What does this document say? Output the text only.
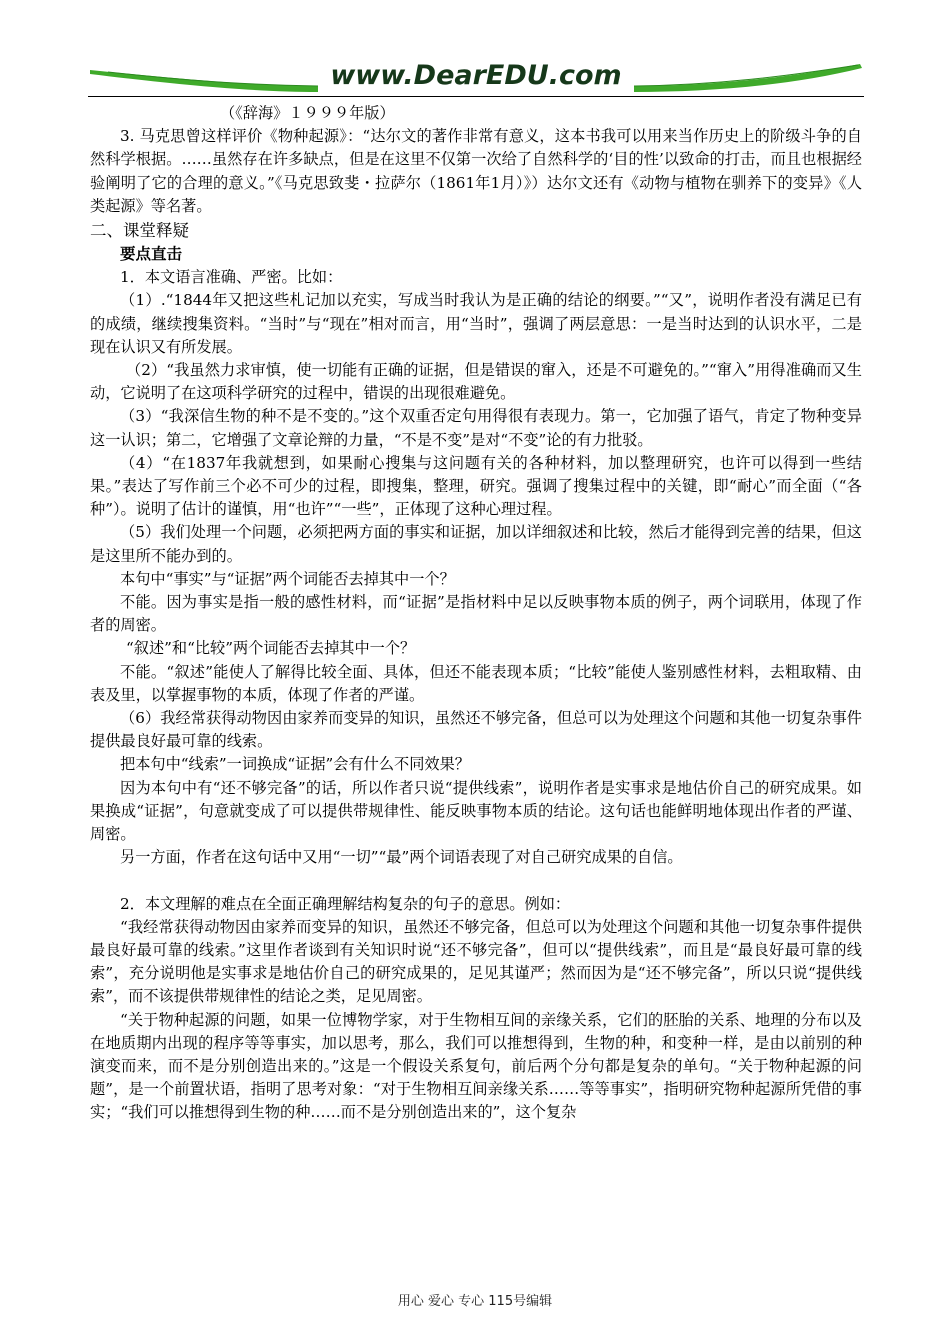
www.DearEDU.com

（《辞海》１９９９年版）

3. 马克思曾这样评价《物种起源》：“达尔文的著作非常有意义，这本书我可以用来当作历史上的阶级斗争的自然科学根据。……虽然存在许多缺点，但是在这里不仅第一次给了自然科学的‘目的性’以致命的打击，而且也根据经验阐明了它的合理的意义。”《马克思致斐・拉萨尔（1861年1月）》）达尔文还有《动物与植物在驯养下的变异》《人类起源》等名著。

二、课堂释疑

要点直击

1．本文语言准确、严密。比如：

（1）.“1844年又把这些札记加以充实，写成当时我认为是正确的结论的纲要。”“又”，说明作者没有满足已有的成绩，继续搜集资料。“当时”与“现在”相对而言，用“当时”，强调了两层意思：一是当时达到的认识水平，二是现在认识又有所发展。

（2）“我虽然力求审慎，使一切能有正确的证据，但是错误的窜入，还是不可避免的。”“窜入”用得准确而又生动，它说明了在这项科学研究的过程中，错误的出现很难避免。

（3）“我深信生物的种不是不变的。”这个双重否定句用得很有表现力。第一，它加强了语气，肯定了物种变异这一认识；第二，它增强了文章论辩的力量，“不是不变”是对“不变”论的有力批驳。

（4）“在1837年我就想到，如果耐心搜集与这问题有关的各种材料，加以整理研究，也许可以得到一些结果。”表达了写作前三个必不可少的过程，即搜集，整理，研究。强调了搜集过程中的关键，即“耐心”而全面（“各种”）。说明了估计的谨慎，用“也许”“一些”，正体现了这种心理过程。

（5）我们处理一个问题，必须把两方面的事实和证据，加以详细叙述和比较，然后才能得到完善的结果，但这是这里所不能办到的。

本句中“事实”与“证据”两个词能否去掉其中一个？

不能。因为事实是指一般的感性材料，而“证据”是指材料中足以反映事物本质的例子，两个词联用，体现了作者的周密。

“叙述”和“比较”两个词能否去掉其中一个？

不能。“叙述”能使人了解得比较全面、具体，但还不能表现本质；“比较”能使人鉴别感性材料，去粗取精、由表及里，以掌握事物的本质，体现了作者的严谨。

（6）我经常获得动物因由家养而变异的知识，虽然还不够完备，但总可以为处理这个问题和其他一切复杂事件提供最良好最可靠的线索。

把本句中“线索”一词换成“证据”会有什么不同效果？

因为本句中有“还不够完备”的话，所以作者只说“提供线索”，说明作者是实事求是地估价自己的研究成果。如果换成“证据”，句意就变成了可以提供带规律性、能反映事物本质的结论。这句话也能鲜明地体现出作者的严谨、周密。

另一方面，作者在这句话中又用“一切”“最”两个词语表现了对自己研究成果的自信。

2．本文理解的难点在全面正确理解结构复杂的句子的意思。例如：

“我经常获得动物因由家养而变异的知识，虽然还不够完备，但总可以为处理这个问题和其他一切复杂事件提供最良好最可靠的线索。”这里作者谈到有关知识时说“还不够完备”，但可以“提供线索”，而且是“最良好最可靠的线索”，充分说明他是实事求是地估价自己的研究成果的，足见其谨严；然而因为是“还不够完备”，所以只说“提供线索”，而不该提供带规律性的结论之类，足见周密。

“关于物种起源的问题，如果一位博物学家，对于生物相互间的亲缘关系，它们的胚胎的关系、地理的分布以及在地质期内出现的程序等等事实，加以思考，那么，我们可以推想得到，生物的种，和变种一样，是由以前别的种演变而来，而不是分别创造出来的。”这是一个假设关系复句，前后两个分句都是复杂的单句。“关于物种起源的问题”，是一个前置状语，指明了思考对象：“对于生物相互间亲缘关系……等等事实”，指明研究物种起源所凭借的事实；“我们可以推想得到生物的种……而不是分别创造出来的”，这个复杂

用心 爱心 专心 115号编辑
